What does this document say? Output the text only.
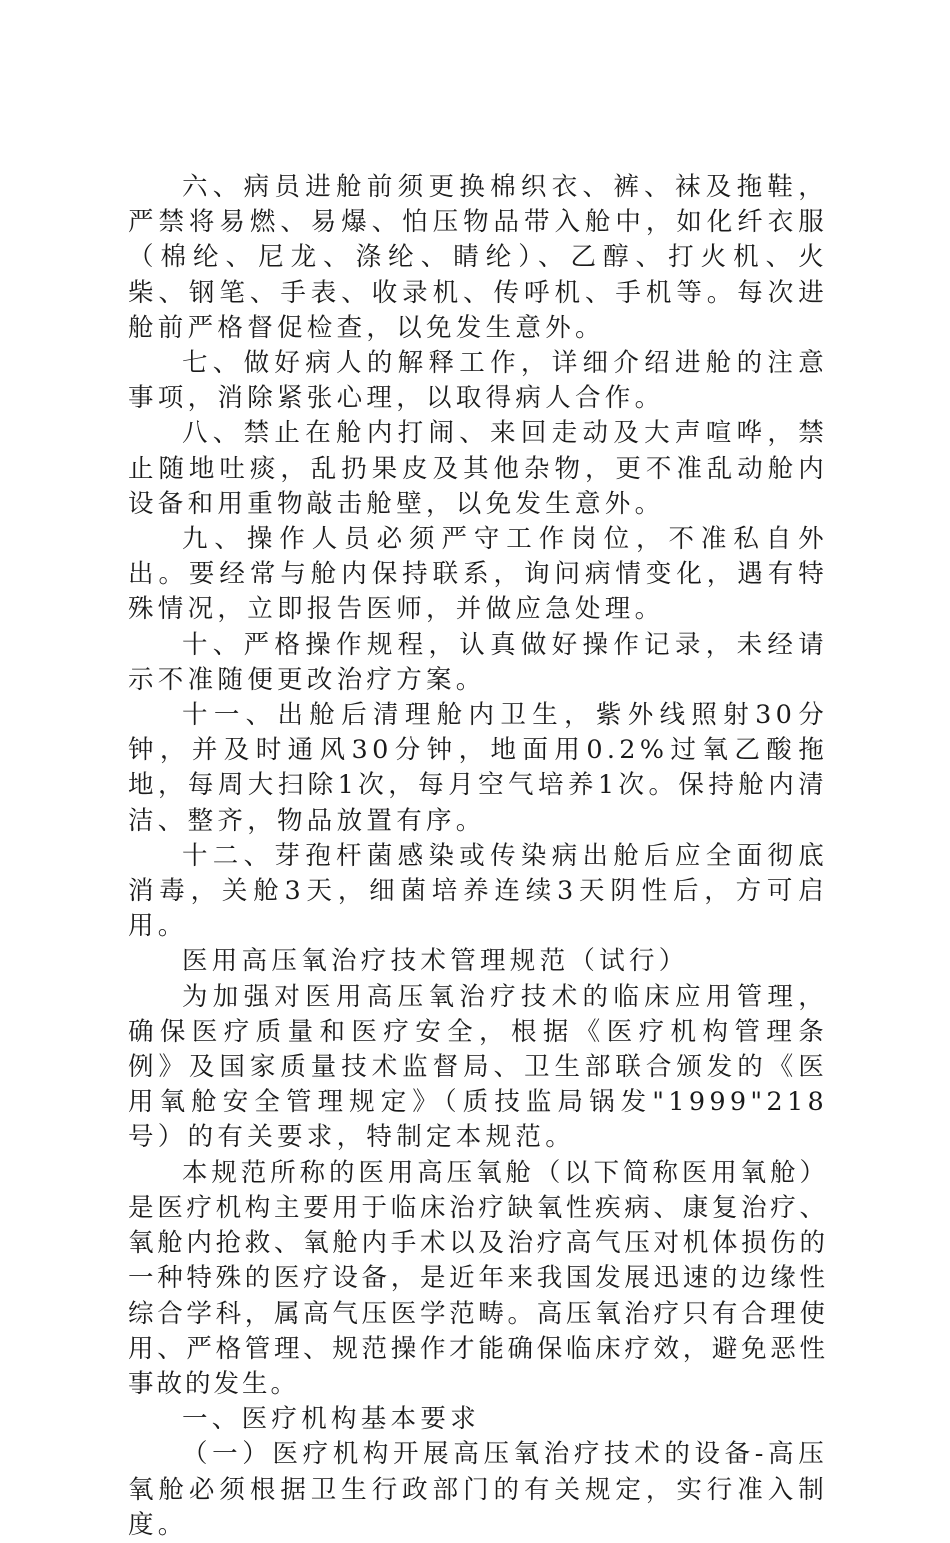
六、病员进舱前须更换棉织衣、裤、袜及拖鞋，严禁将易燃、易爆、怕压物品带入舱中，如化纤衣服（棉纶、尼龙、涤纶、睛纶）、乙醇、打火机、火柴、钢笔、手表、收录机、传呼机、手机等。每次进舱前严格督促检查，以免发生意外。

七、做好病人的解释工作，详细介绍进舱的注意事项，消除紧张心理，以取得病人合作。

八、禁止在舱内打闹、来回走动及大声喧哗，禁止随地吐痰，乱扔果皮及其他杂物，更不准乱动舱内设备和用重物敲击舱壁，以免发生意外。

九、操作人员必须严守工作岗位，不准私自外出。要经常与舱内保持联系，询问病情变化，遇有特殊情况，立即报告医师，并做应急处理。

十、严格操作规程，认真做好操作记录，未经请示不准随便更改治疗方案。

十一、出舱后清理舱内卫生，紫外线照射30分钟，并及时通风30分钟，地面用0.2%过氧乙酸拖地，每周大扫除1次，每月空气培养1次。保持舱内清洁、整齐，物品放置有序。

十二、芽孢杆菌感染或传染病出舱后应全面彻底消毒，关舱3天，细菌培养连续3天阴性后，方可启用。

医用高压氧治疗技术管理规范（试行）

为加强对医用高压氧治疗技术的临床应用管理，确保医疗质量和医疗安全，根据《医疗机构管理条例》及国家质量技术监督局、卫生部联合颁发的《医用氧舱安全管理规定》（质技监局锅发"1999"218号）的有关要求，特制定本规范。

本规范所称的医用高压氧舱（以下简称医用氧舱）是医疗机构主要用于临床治疗缺氧性疾病、康复治疗、氧舱内抢救、氧舱内手术以及治疗高气压对机体损伤的一种特殊的医疗设备，是近年来我国发展迅速的边缘性综合学科，属高气压医学范畴。高压氧治疗只有合理使用、严格管理、规范操作才能确保临床疗效，避免恶性事故的发生。

一、医疗机构基本要求

（一）医疗机构开展高压氧治疗技术的设备-高压氧舱必须根据卫生行政部门的有关规定，实行准入制度。
